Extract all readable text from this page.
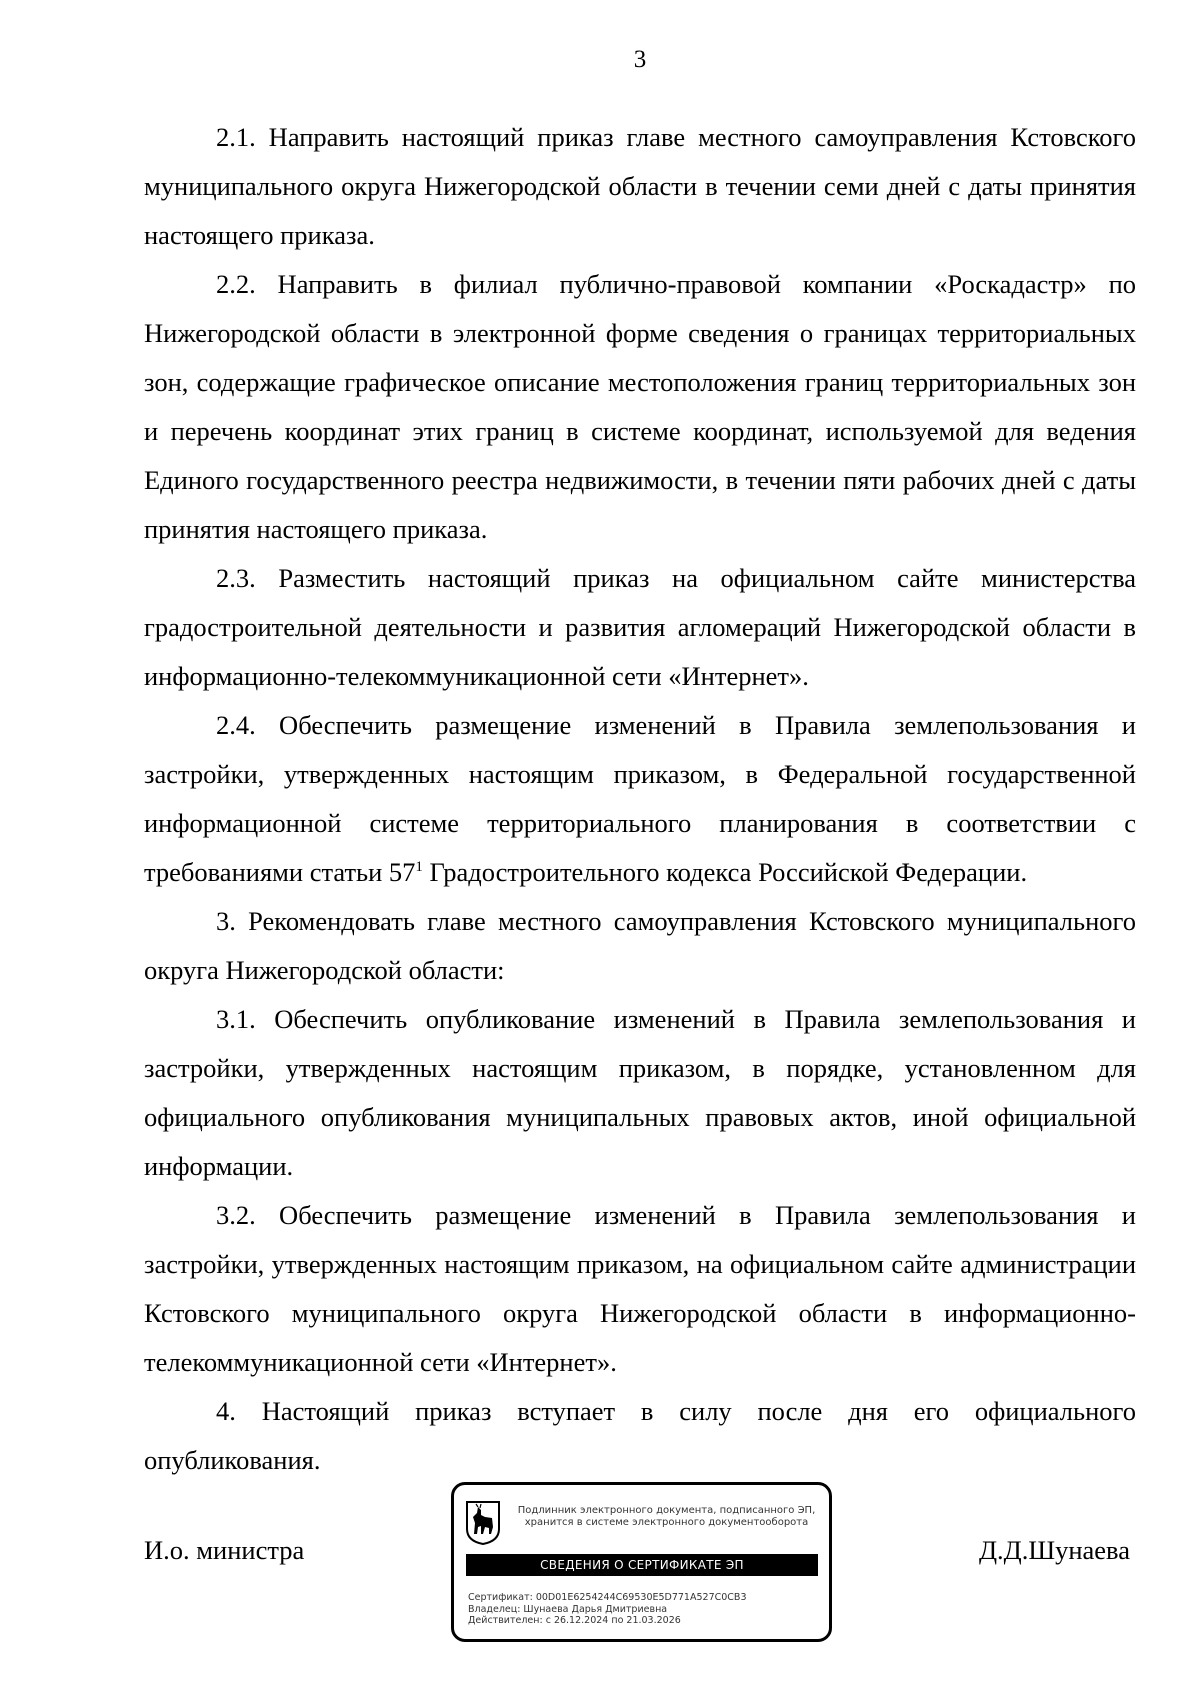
3

2.1. Направить настоящий приказ главе местного самоуправления Кстовского муниципального округа Нижегородской области в течении семи дней с даты принятия настоящего приказа.

2.2. Направить в филиал публично-правовой компании «Роскадастр» по Нижегородской области в электронной форме сведения о границах территориальных зон, содержащие графическое описание местоположения границ территориальных зон и перечень координат этих границ в системе координат, используемой для ведения Единого государственного реестра недвижимости, в течении пяти рабочих дней с даты принятия настоящего приказа.

2.3. Разместить настоящий приказ на официальном сайте министерства градостроительной деятельности и развития агломераций Нижегородской области в информационно-телекоммуникационной сети «Интернет».

2.4. Обеспечить размещение изменений в Правила землепользования и застройки, утвержденных настоящим приказом, в Федеральной государственной информационной системе территориального планирования в соответствии с требованиями статьи $57^1$ Градостроительного кодекса Российской Федерации.

3. Рекомендовать главе местного самоуправления Кстовского муниципального округа Нижегородской области:

3.1. Обеспечить опубликование изменений в Правила землепользования и застройки, утвержденных настоящим приказом, в порядке, установленном для официального опубликования муниципальных правовых актов, иной официальной информации.

3.2. Обеспечить размещение изменений в Правила землепользования и застройки, утвержденных настоящим приказом, на официальном сайте администрации Кстовского муниципального округа Нижегородской области в информационно-телекоммуникационной сети «Интернет».

4. Настоящий приказ вступает в силу после дня его официального опубликования.

И.о. министра	Д.Д.Шунаева
Подлинник электронного документа, подписанного ЭП,
хранится в системе электронного документооборота
СВЕДЕНИЯ О СЕРТИФИКАТЕ ЭП
Сертификат: 00D01E6254244C69530E5D771A527C0CB3
Владелец: Шунаева Дарья Дмитриевна
Действителен: с 26.12.2024 по 21.03.2026
